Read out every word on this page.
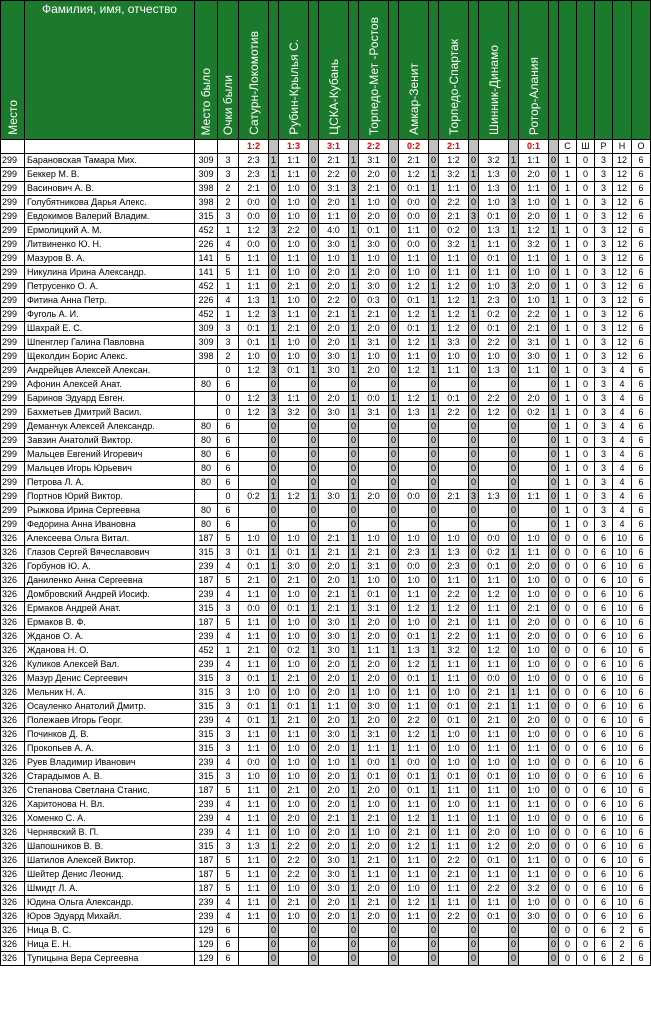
Место	Фамилия, имя, отчество	Место было	Очки были	Сатурн-Локомотив		Рубин-Крылья С.		ЦСКА-Кубань		Торпедо-Мет -Ростов		Амкар-Зенит		Торпедо-Спартак		Шинник-Динамо		Ротор-Алания						
				1:2		1:3		3:1		2:2		0:2		2:1				0:1		С	Ш	Р	Н	О
299	Барановская Тамара Мих.	309	3	2:3	1	1:1	0	2:1	1	3:1	0	2:1	0	1:2	0	3:2	1	1:1	0	1	0	3	12	6
299	Беккер М. В.	309	3	2:3	1	1:1	0	2:2	0	2:0	0	1:2	1	3:2	1	1:3	0	2:0	0	1	0	3	12	6
299	Васинович А. В.	398	2	2:1	0	1:0	0	3:1	3	2:1	0	0:1	1	1:1	0	1:3	0	1:1	0	1	0	3	12	6
299	Голубятникова Дарья Алекс.	398	2	0:0	0	1:0	0	2:0	1	1:0	0	0:0	0	2:2	0	1:0	3	1:0	0	1	0	3	12	6
299	Евдокимов Валерий Владим.	315	3	0:0	0	1:0	0	1:1	0	2:0	0	0:0	0	2:1	3	0:1	0	2:0	0	1	0	3	12	6
299	Ермолицкий А. М.	452	1	1:2	3	2:2	0	4:0	1	0:1	0	1:1	0	0:2	0	1:3	1	1:2	1	1	0	3	12	6
299	Литвиненко Ю. Н.	226	4	0:0	0	1:0	0	3:0	1	3:0	0	0:0	0	3:2	1	1:1	0	3:2	0	1	0	3	12	6
299	Мазуров В. А.	141	5	1:1	0	1:1	0	1:0	1	1:0	0	1:1	0	1:1	0	0:1	0	1:1	0	1	0	3	12	6
299	Никулина Ирина Александр.	141	5	1:1	0	1:0	0	2:0	1	2:0	0	1:0	0	1:1	0	1:1	0	1:0	0	1	0	3	12	6
299	Петрусенко О. А.	452	1	1:1	0	2:1	0	2:0	1	3:0	0	1:2	1	1:2	0	1:0	3	2:0	0	1	0	3	12	6
299	Фитина Анна Петр.	226	4	1:3	1	1:0	0	2:2	0	0:3	0	0:1	1	1:2	1	2:3	0	1:0	1	1	0	3	12	6
299	Фуголь А. И.	452	1	1:2	3	1:1	0	2:1	1	2:1	0	1:2	1	1:2	1	0:2	0	2:2	0	1	0	3	12	6
299	Шахрай Е. С.	309	3	0:1	1	2:1	0	2:0	1	2:0	0	0:1	1	1:2	0	0:1	0	2:1	0	1	0	3	12	6
299	Шпенглер Галина Павловна	309	3	0:1	1	1:0	0	2:0	1	3:1	0	1:2	1	3:3	0	2:2	0	3:1	0	1	0	3	12	6
299	Щеколдин Борис Алекс.	398	2	1:0	0	1:0	0	3:0	1	1:0	0	1:1	0	1:0	0	1:0	0	3:0	0	1	0	3	12	6
299	Андрейцев Алексей Алексан.		0	1:2	3	0:1	1	3:0	1	2:0	0	1:2	1	1:1	0	1:3	0	1:1	0	1	0	3	4	6
299	Афонин Алексей Анат.	80	6		0		0		0		0		0		0		0		0	1	0	3	4	6
299	Баринов Эдуард Евген.		0	1:2	3	1:1	0	2:0	1	0:0	1	1:2	1	0:1	0	2:2	0	2:0	0	1	0	3	4	6
299	Бахметьев Дмитрий Васил.		0	1:2	3	3:2	0	3:0	1	3:1	0	1:3	1	2:2	0	1:2	0	0:2	1	1	0	3	4	6
299	Деманчук Алексей Александр.	80	6		0		0		0		0		0		0		0		0	1	0	3	4	6
299	Завзин Анатолий Виктор.	80	6		0		0		0		0		0		0		0		0	1	0	3	4	6
299	Мальцев Евгений Игоревич	80	6		0		0		0		0		0		0		0		0	1	0	3	4	6
299	Мальцев Игорь Юрьевич	80	6		0		0		0		0		0		0		0		0	1	0	3	4	6
299	Петрова Л. А.	80	6		0		0		0		0		0		0		0		0	1	0	3	4	6
299	Портнов Юрий Виктор.		0	0:2	1	1:2	1	3:0	1	2:0	0	0:0	0	2:1	3	1:3	0	1:1	0	1	0	3	4	6
299	Рыжкова Ирина Сергеевна	80	6		0		0		0		0		0		0		0		0	1	0	3	4	6
299	Федорина Анна Ивановна	80	6		0		0		0		0		0		0		0		0	1	0	3	4	6
326	Алексеева Ольга Витал.	187	5	1:0	0	1:0	0	2:1	1	1:0	0	1:0	0	1:0	0	0:0	0	1:0	0	0	0	6	10	6
326	Глазов Сергей Вячеславович	315	3	0:1	1	0:1	1	2:1	1	2:1	0	2:3	1	1:3	0	0:2	1	1:1	0	0	0	6	10	6
326	Горбунов Ю. А.	239	4	0:1	1	3:0	0	2:0	1	3:1	0	0:0	0	2:3	0	0:1	0	2:0	0	0	0	6	10	6
326	Даниленко Анна Сергеевна	187	5	2:1	0	2:1	0	2:0	1	1:0	0	1:0	0	1:1	0	1:1	0	1:0	0	0	0	6	10	6
326	Домбровский Андрей Иосиф.	239	4	1:1	0	1:0	0	2:1	1	0:1	0	1:1	0	2:2	0	1:2	0	1:0	0	0	0	6	10	6
326	Ермаков Андрей Анат.	315	3	0:0	0	0:1	1	2:1	1	3:1	0	1:2	1	1:2	0	1:1	0	2:1	0	0	0	6	10	6
326	Ермаков В. Ф.	187	5	1:1	0	1:0	0	3:0	1	2:0	0	1:0	0	2:1	0	1:1	0	2:0	0	0	0	6	10	6
326	Жданов О. А.	239	4	1:1	0	1:0	0	3:0	1	2:0	0	0:1	1	2:2	0	1:1	0	2:0	0	0	0	6	10	6
326	Жданова Н. О.	452	1	2:1	0	0:2	1	3:0	1	1:1	1	1:3	1	3:2	0	1:2	0	1:0	0	0	0	6	10	6
326	Куликов Алексей Вал.	239	4	1:1	0	1:0	0	2:0	1	2:0	0	1:2	1	1:1	0	1:1	0	1:0	0	0	0	6	10	6
326	Мазур Денис Сергеевич	315	3	0:1	1	2:1	0	2:0	1	2:0	0	0:1	1	1:1	0	0:0	0	1:0	0	0	0	6	10	6
326	Мельник Н. А.	315	3	1:0	0	1:0	0	2:0	1	1:0	0	1:1	0	1:0	0	2:1	1	1:1	0	0	0	6	10	6
326	Осауленко Анатолий Дмитр.	315	3	0:1	1	0:1	1	1:1	0	3:0	0	1:1	0	0:1	0	2:1	1	1:1	0	0	0	6	10	6
326	Полежаев Игорь Георг.	239	4	0:1	1	2:1	0	2:0	1	2:0	0	2:2	0	0:1	0	2:1	0	2:0	0	0	0	6	10	6
326	Починков Д. В.	315	3	1:1	0	1:1	0	3:0	1	3:1	0	1:2	1	1:0	0	1:1	0	1:0	0	0	0	6	10	6
326	Прокопьев А. А.	315	3	1:1	0	1:0	0	2:0	1	1:1	1	1:1	0	1:0	0	1:1	0	1:1	0	0	0	6	10	6
326	Руев Владимир Иванович	239	4	0:0	0	1:0	0	1:0	1	0:0	1	0:0	0	1:0	0	1:0	0	1:0	0	0	0	6	10	6
326	Старадымов А. В.	315	3	1:0	0	1:0	0	2:0	1	0:1	0	0:1	1	0:1	0	0:1	0	1:0	0	0	0	6	10	6
326	Степанова Светлана Станис.	187	5	1:1	0	2:1	0	2:0	1	2:0	0	0:1	1	1:1	0	1:1	0	1:0	0	0	0	6	10	6
326	Харитонова Н. Вл.	239	4	1:1	0	1:0	0	2:0	1	1:0	0	1:1	0	1:0	0	1:1	0	1:1	0	0	0	6	10	6
326	Хоменко С. А.	239	4	1:1	0	2:0	0	2:1	1	2:1	0	1:2	1	1:1	0	1:1	0	1:0	0	0	0	6	10	6
326	Чернявский В. П.	239	4	1:1	0	1:0	0	2:0	1	1:0	0	2:1	0	1:1	0	2:0	0	1:0	0	0	0	6	10	6
326	Шапошников В. В.	315	3	1:3	1	2:2	0	2:0	1	2:0	0	1:2	1	1:1	0	1:2	0	2:0	0	0	0	6	10	6
326	Шатилов Алексей Виктор.	187	5	1:1	0	2:2	0	3:0	1	2:1	0	1:1	0	2:2	0	0:1	0	1:1	0	0	0	6	10	6
326	Шейтер Денис Леонид.	187	5	1:1	0	2:2	0	3:0	1	1:1	0	1:1	0	2:1	0	1:1	0	1:1	0	0	0	6	10	6
326	Шмидт Л. А.	187	5	1:1	0	1:0	0	3:0	1	2:0	0	1:0	0	1:1	0	2:2	0	3:2	0	0	0	6	10	6
326	Юдина Ольга Александр.	239	4	1:1	0	2:1	0	2:0	1	2:1	0	1:2	1	1:1	0	1:1	0	1:0	0	0	0	6	10	6
326	Юров Эдуард Михайл.	239	4	1:1	0	1:0	0	2:0	1	2:0	0	1:1	0	2:2	0	0:1	0	3:0	0	0	0	6	10	6
326	Ница В. С.	129	6		0		0		0		0		0		0		0		0	0	0	6	2	6
326	Ница Е. Н.	129	6		0		0		0		0		0		0		0		0	0	0	6	2	6
326	Тупицына Вера Сергеевна	129	6		0		0		0		0		0		0		0		0	0	0	6	2	6
